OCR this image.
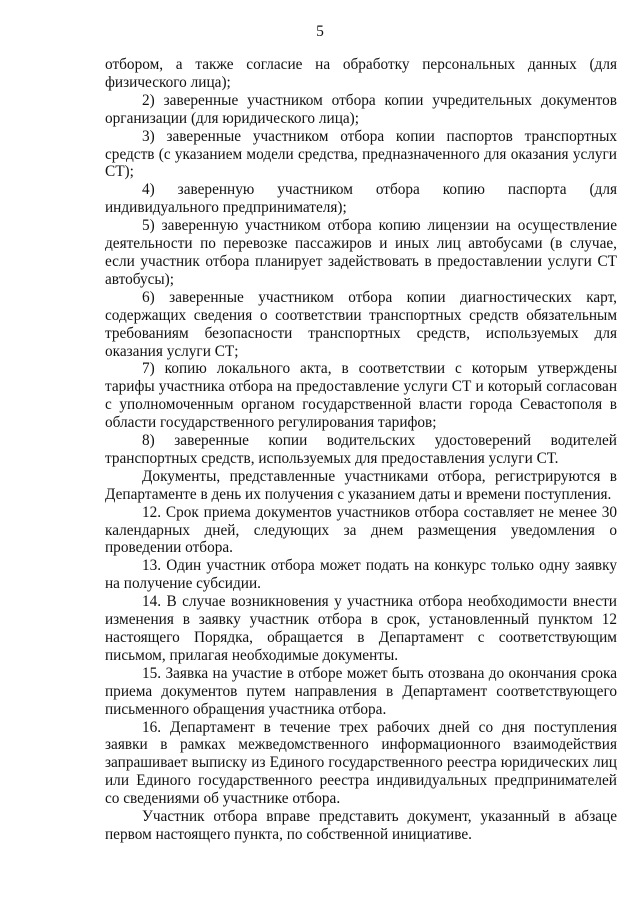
5

отбором, а также согласие на обработку персональных данных (для физического лица);

2) заверенные участником отбора копии учредительных документов организации (для юридического лица);

3) заверенные участником отбора копии паспортов транспортных средств (с указанием модели средства, предназначенного для оказания услуги СТ);

4) заверенную участником отбора копию паспорта (для индивидуального предпринимателя);

5) заверенную участником отбора копию лицензии на осуществление деятельности по перевозке пассажиров и иных лиц автобусами (в случае, если участник отбора планирует задействовать в предоставлении услуги СТ автобусы);

6) заверенные участником отбора копии диагностических карт, содержащих сведения о соответствии транспортных средств обязательным требованиям безопасности транспортных средств, используемых для оказания услуги СТ;

7) копию локального акта, в соответствии с которым утверждены тарифы участника отбора на предоставление услуги СТ и который согласован с уполномоченным органом государственной власти города Севастополя в области государственного регулирования тарифов;

8) заверенные копии водительских удостоверений водителей транспортных средств, используемых для предоставления услуги СТ.

Документы, представленные участниками отбора, регистрируются в Департаменте в день их получения с указанием даты и времени поступления.

12. Срок приема документов участников отбора составляет не менее 30 календарных дней, следующих за днем размещения уведомления о проведении отбора.

13. Один участник отбора может подать на конкурс только одну заявку на получение субсидии.

14. В случае возникновения у участника отбора необходимости внести изменения в заявку участник отбора в срок, установленный пунктом 12 настоящего Порядка, обращается в Департамент с соответствующим письмом, прилагая необходимые документы.

15. Заявка на участие в отборе может быть отозвана до окончания срока приема документов путем направления в Департамент соответствующего письменного обращения участника отбора.

16. Департамент в течение трех рабочих дней со дня поступления заявки в рамках межведомственного информационного взаимодействия запрашивает выписку из Единого государственного реестра юридических лиц или Единого государственного реестра индивидуальных предпринимателей со сведениями об участнике отбора.

Участник отбора вправе представить документ, указанный в абзаце первом настоящего пункта, по собственной инициативе.
